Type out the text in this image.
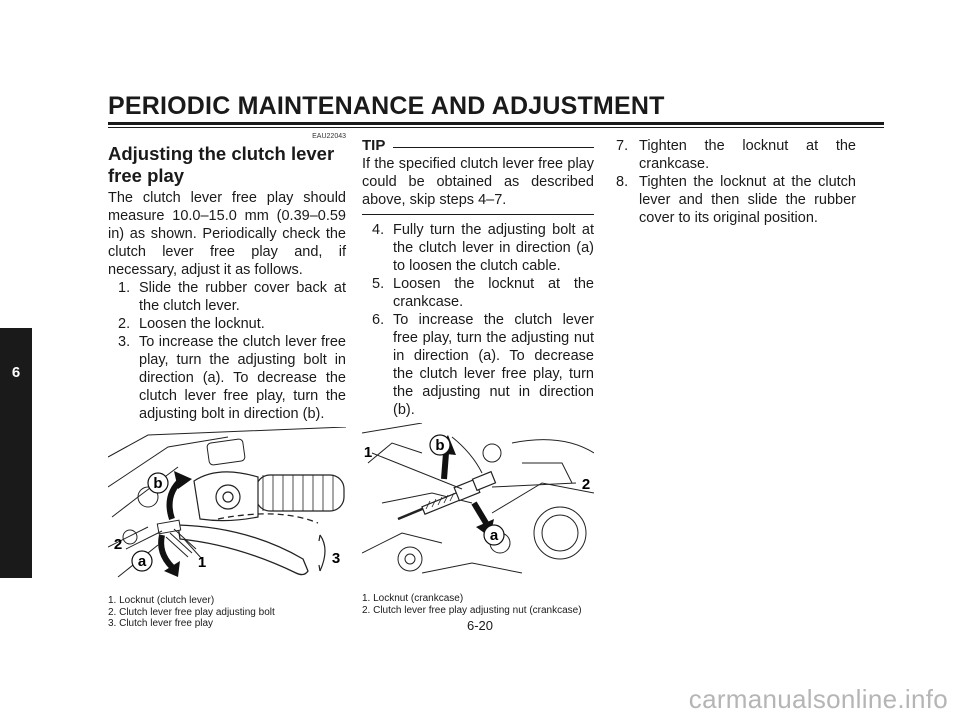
PERIODIC MAINTENANCE AND ADJUSTMENT
6
EAU22043
Adjusting the clutch lever
free play
The clutch lever free play should measure 10.0–15.0 mm (0.39–0.59 in) as shown. Periodically check the clutch lever free play and, if necessary, adjust it as follows.
1. Slide the rubber cover back at the clutch lever.
2. Loosen the locknut.
3. To increase the clutch lever free play, turn the adjusting bolt in direction (a). To decrease the clutch lever free play, turn the adjusting bolt in direction (b).
b
a	1
2
3
1. Locknut (clutch lever)
2. Clutch lever free play adjusting bolt
3. Clutch lever free play
TIP
If the specified clutch lever free play could be obtained as described above, skip steps 4–7.
4. Fully turn the adjusting bolt at the clutch lever in direction (a) to loosen the clutch cable.
5. Loosen the locknut at the crankcase.
6. To increase the clutch lever free play, turn the adjusting nut in direction (a). To decrease the clutch lever free play, turn the adjusting nut in direction (b).
b
a
1
2
1. Locknut (crankcase)
2. Clutch lever free play adjusting nut (crankcase)
7. Tighten the locknut at the crankcase.
8. Tighten the locknut at the clutch lever and then slide the rubber cover to its original position.
6-20
carmanualsonline.info
